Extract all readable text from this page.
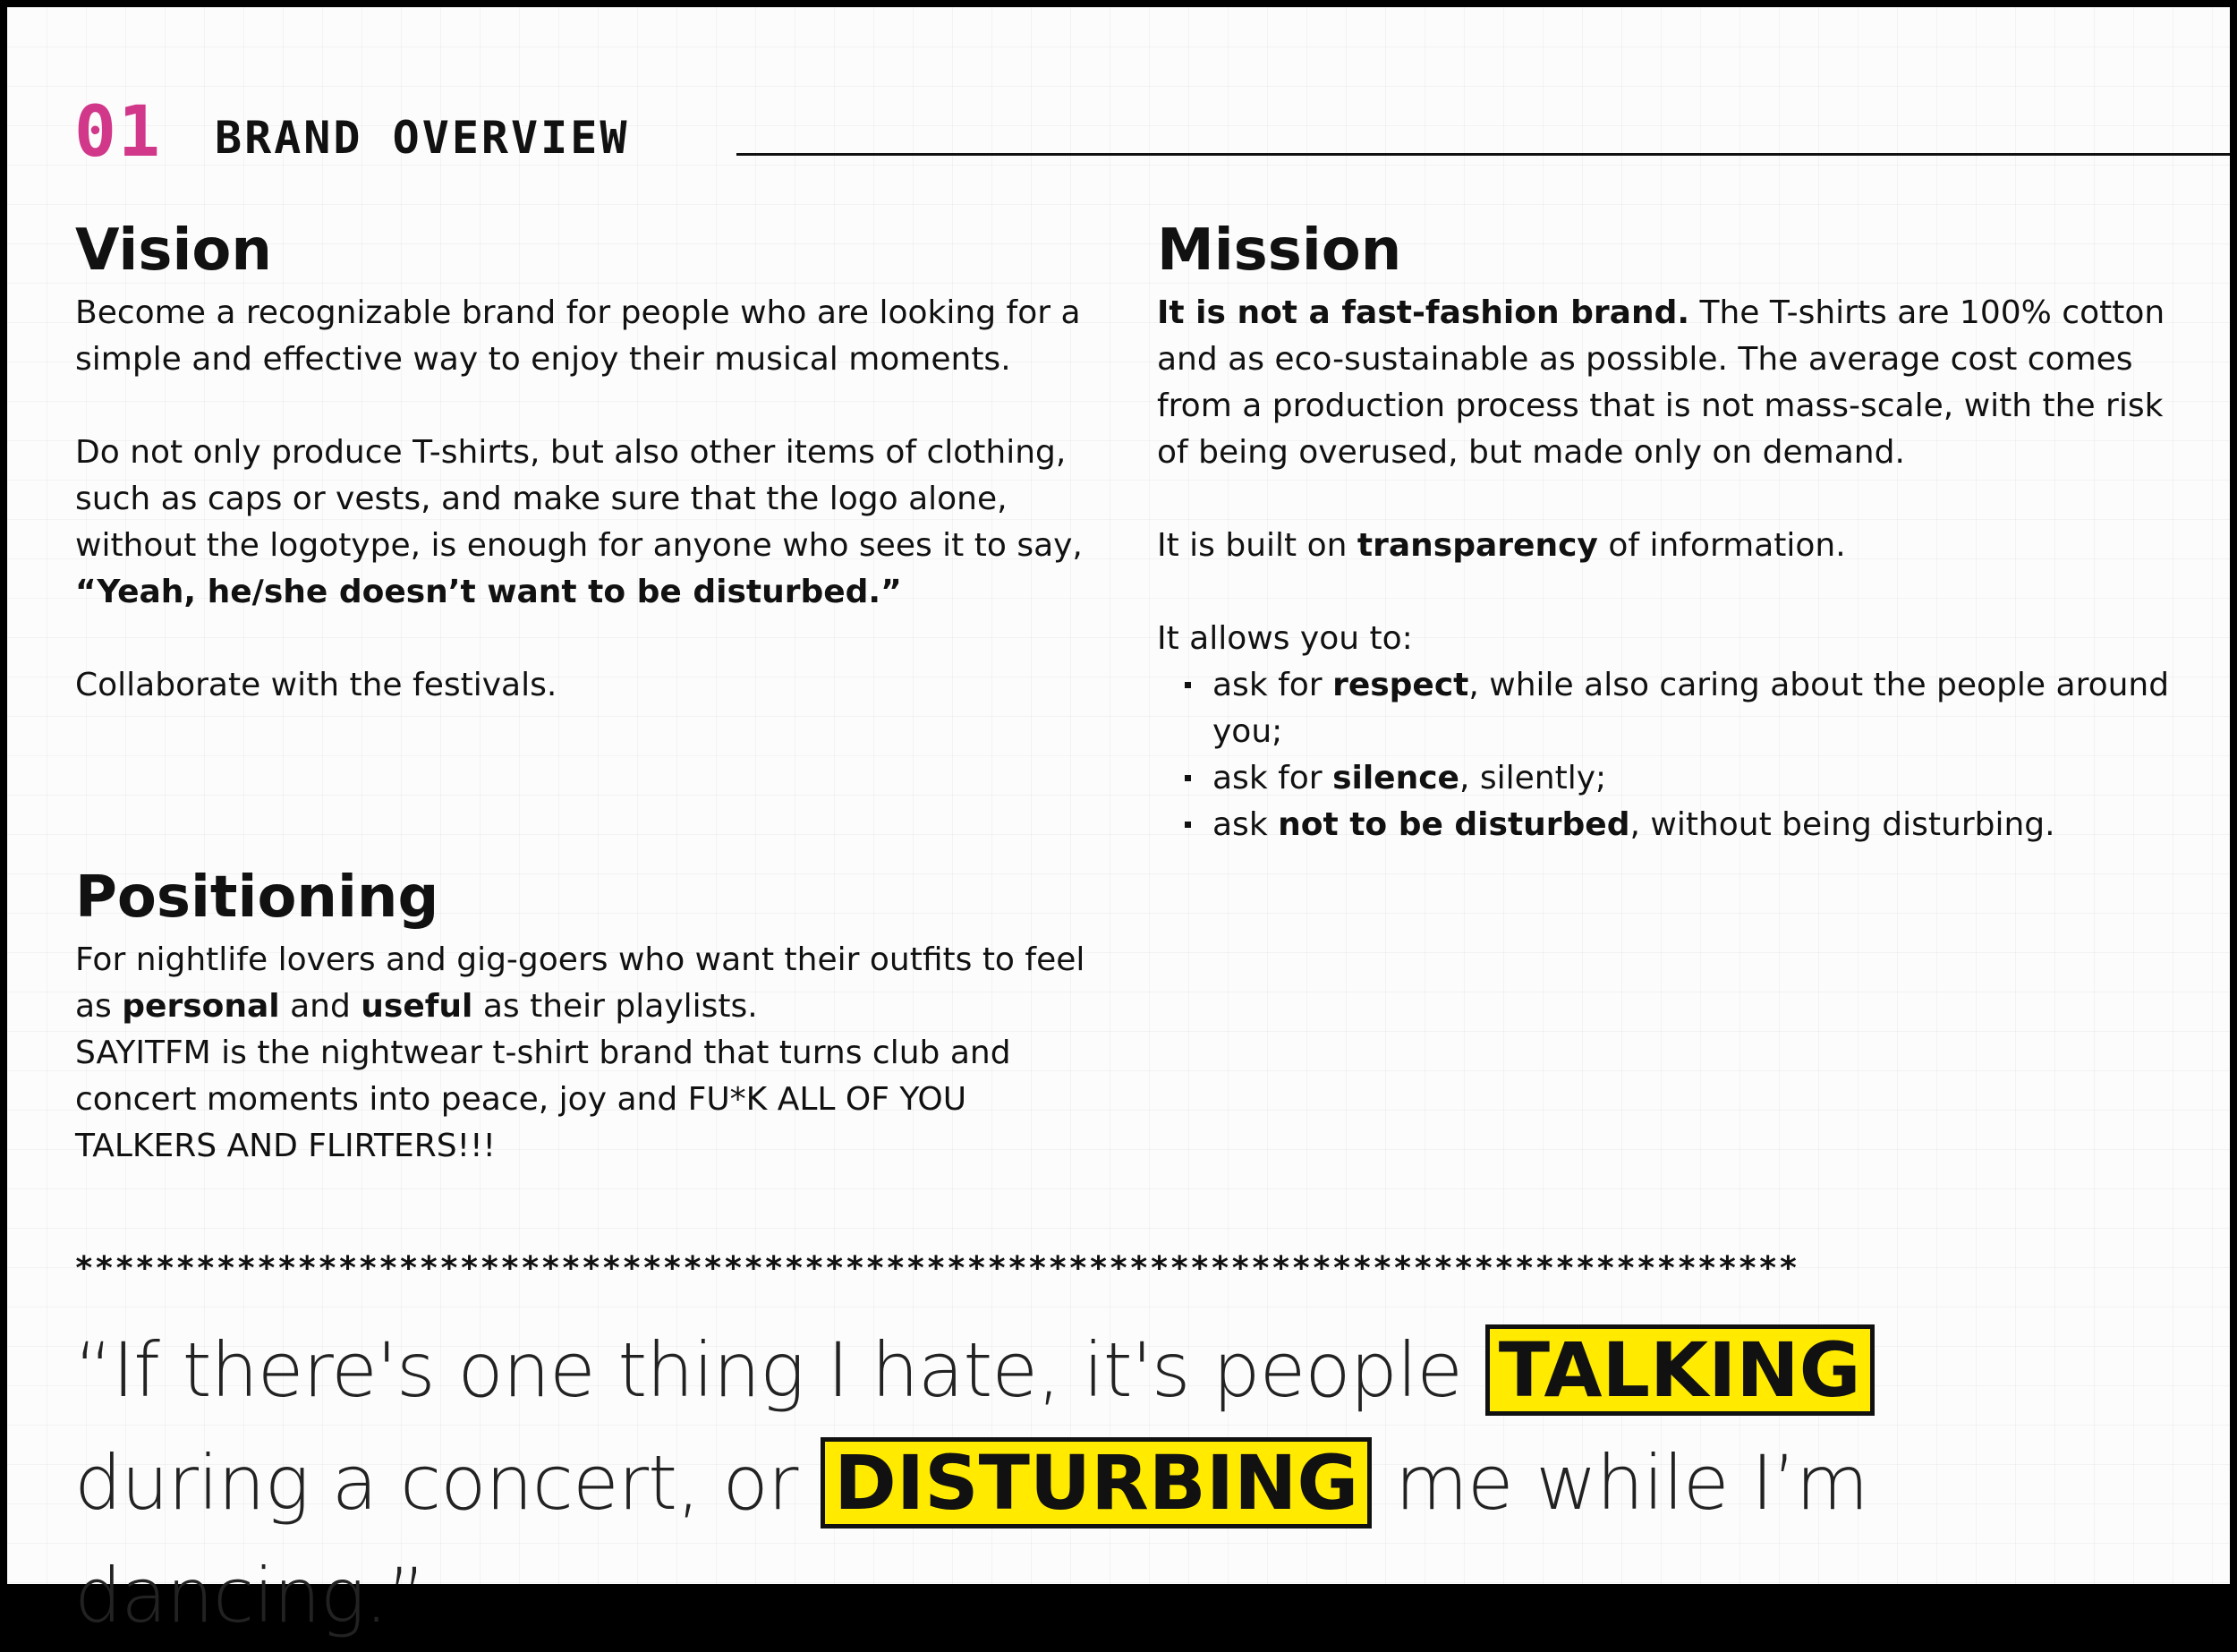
01 BRAND OVERVIEW
Vision

Become a recognizable brand for people who are looking for a simple and effective way to enjoy their musical moments.

Do not only produce T-shirts, but also other items of clothing, such as caps or vests, and make sure that the logo alone, without the logotype, is enough for anyone who sees it to say, “Yeah, he/she doesn’t want to be disturbed.”

Collaborate with the festivals.

Positioning

For nightlife lovers and gig-goers who want their outfits to feel as personal and useful as their playlists.

SAYITFM is the nightwear t-shirt brand that turns club and concert moments into peace, joy and FU*K ALL OF YOU TALKERS AND FLIRTERS!!!

Mission

It is not a fast-fashion brand. The T-shirts are 100% cotton and as eco-sustainable as possible. The average cost comes from a production process that is not mass-scale, with the risk of being overused, but made only on demand.

It is built on transparency of information.

It allows you to:

ask for respect, while also caring about the people around you;
ask for silence, silently;
ask not to be disturbed, without being disturbing.
*************************************************************************************
“If there's one thing I hate, it's people TALKING
during a concert, or DISTURBING me while I’m dancing.”
